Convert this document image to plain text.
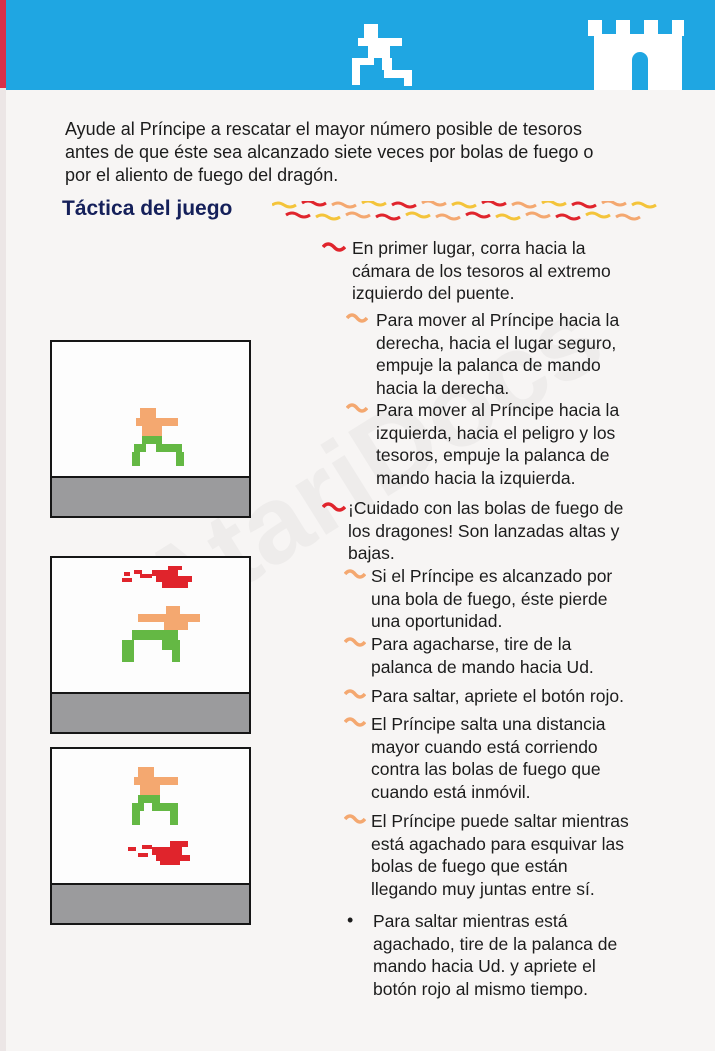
Ayude al Príncipe a rescatar el mayor número posible de tesoros
antes de que éste sea alcanzado siete veces por bolas de fuego o
por el aliento de fuego del dragón.
Táctica del juego
En primer lugar, corra hacia la
cámara de los tesoros al extremo
izquierdo del puente.
Para mover al Príncipe hacia la
derecha, hacia el lugar seguro,
empuje la palanca de mando
hacia la derecha.
Para mover al Príncipe hacia la
izquierda, hacia el peligro y los
tesoros, empuje la palanca de
mando hacia la izquierda.
¡Cuidado con las bolas de fuego de
los dragones! Son lanzadas altas y
bajas.
Si el Príncipe es alcanzado por
una bola de fuego, éste pierde
una oportunidad.
Para agacharse, tire de la
palanca de mando hacia Ud.
Para saltar, apriete el botón rojo.
El Príncipe salta una distancia
mayor cuando está corriendo
contra las bolas de fuego que
cuando está inmóvil.
El Príncipe puede saltar mientras
está agachado para esquivar las
bolas de fuego que están
llegando muy juntas entre sí.
• Para saltar mientras está
agachado, tire de la palanca de
mando hacia Ud. y apriete el
botón rojo al mismo tiempo.
